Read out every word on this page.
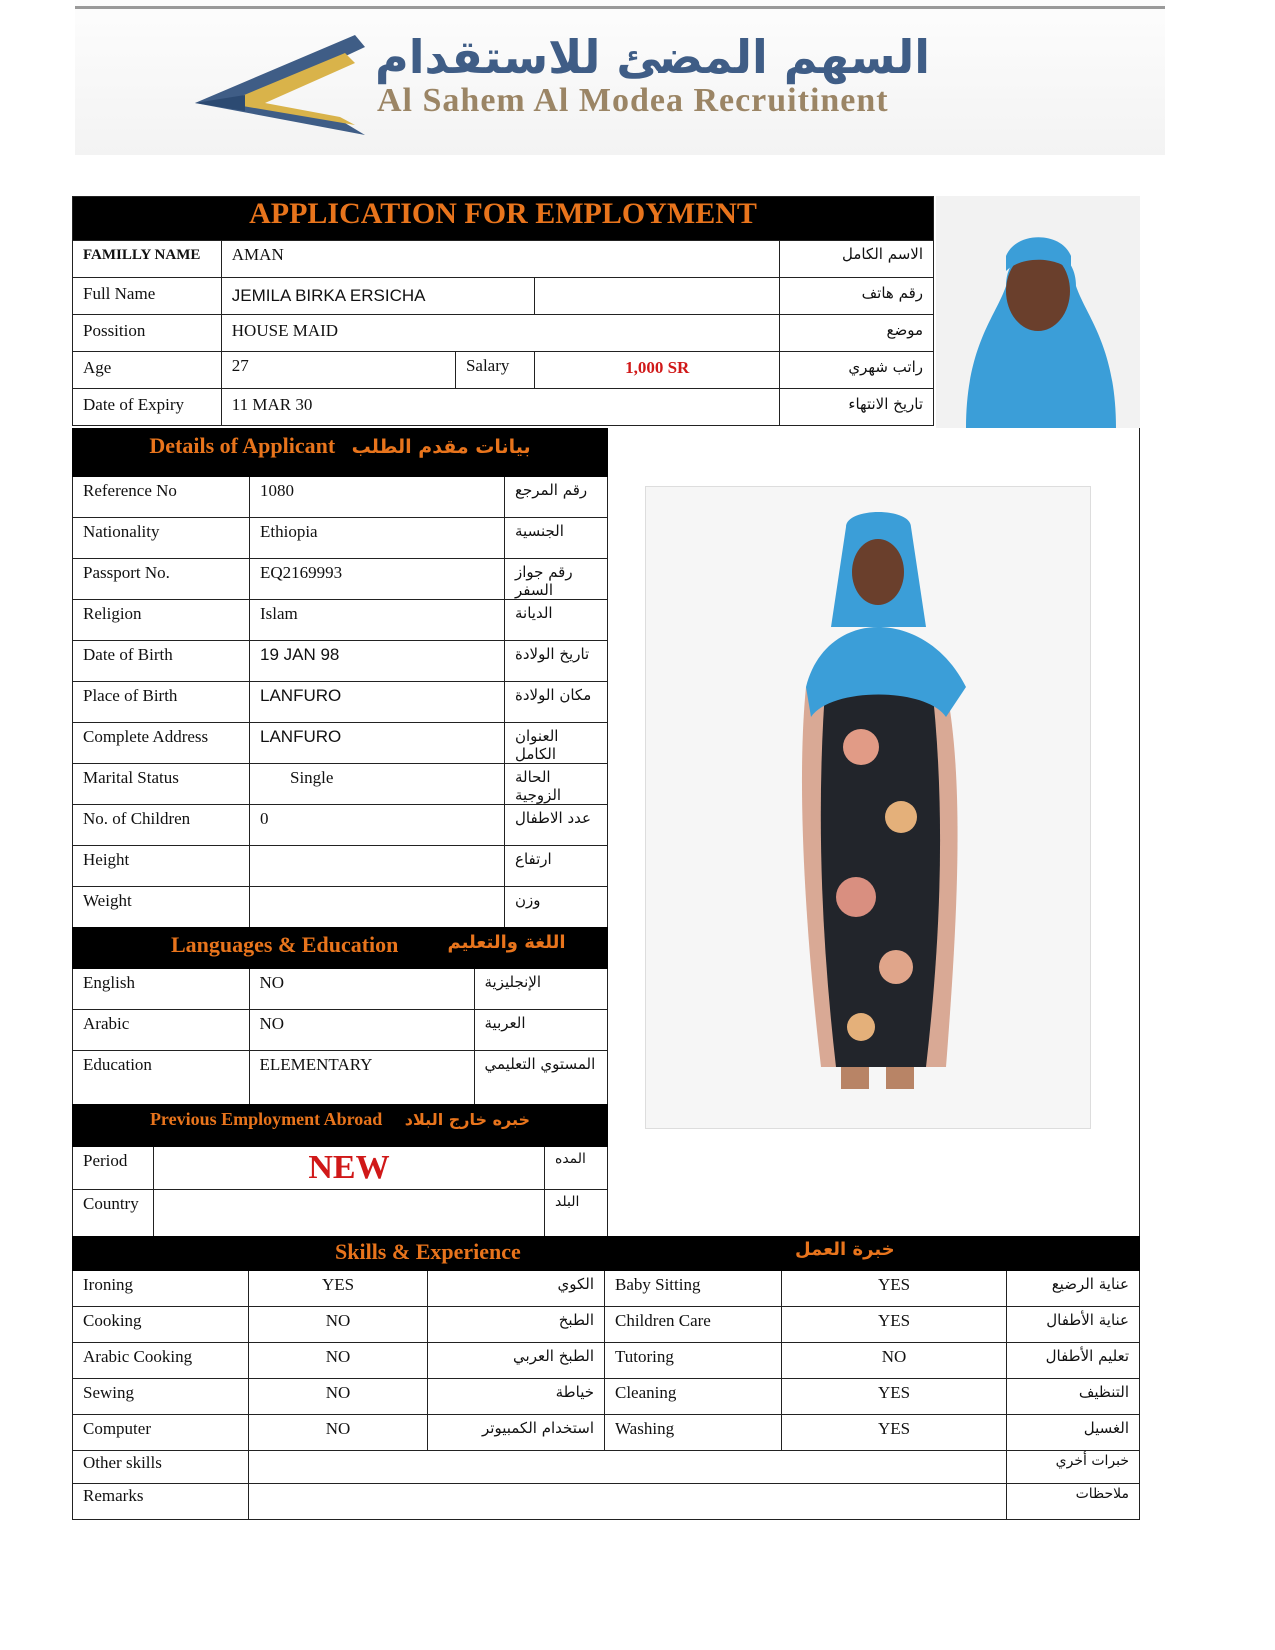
السهم المضئ للاستقدام
Al Sahem Al Modea Recruitinent
APPLICATION FOR EMPLOYMENT				
FAMILLY NAME	AMAN			الاسم الكامل
Full Name	JEMILA BIRKA ERSICHA			رقم هاتف
Possition	HOUSE MAID			موضع
Age	27	Salary	1,000 SR	راتب شهري
Date of Expiry	11 MAR 30			تاريخ الانتهاء
Details of Applicant بيانات مقدم الطلب		
Reference No	1080	رقم المرجع
Nationality	Ethiopia	الجنسية
Passport No.	EQ2169993	رقم جواز السفر
Religion	Islam	الديانة
Date of Birth	19 JAN 98	تاريخ الولادة
Place of Birth	LANFURO	مكان الولادة
Complete Address	LANFURO	العنوان الكامل
Marital Status	Single	الحالة الزوجية
No. of Children	0	عدد الاطفال
Height		ارتفاع
Weight		وزن
	Languages & Education اللغة والتعليم	

English	NO	الإنجليزية
Arabic	NO	العربية
Education	ELEMENTARY	المستوي التعليمي
Previous Employment Abroad خبره خارج البلاد		
Period	NEW	المده
Country		البلد
Skills & Experience خبرة العمل					

Ironing	YES	الكوي	Baby Sitting	YES	عناية الرضيع
Cooking	NO	الطبخ	Children Care	YES	عناية الأطفال
Arabic Cooking	NO	الطبخ العربي	Tutoring	NO	تعليم الأطفال
Sewing	NO	خياطة	Cleaning	YES	التنظيف
Computer	NO	استخدام الكمبيوتر	Washing	YES	الغسيل
Other skills					خبرات أخري
Remarks					ملاحظات
